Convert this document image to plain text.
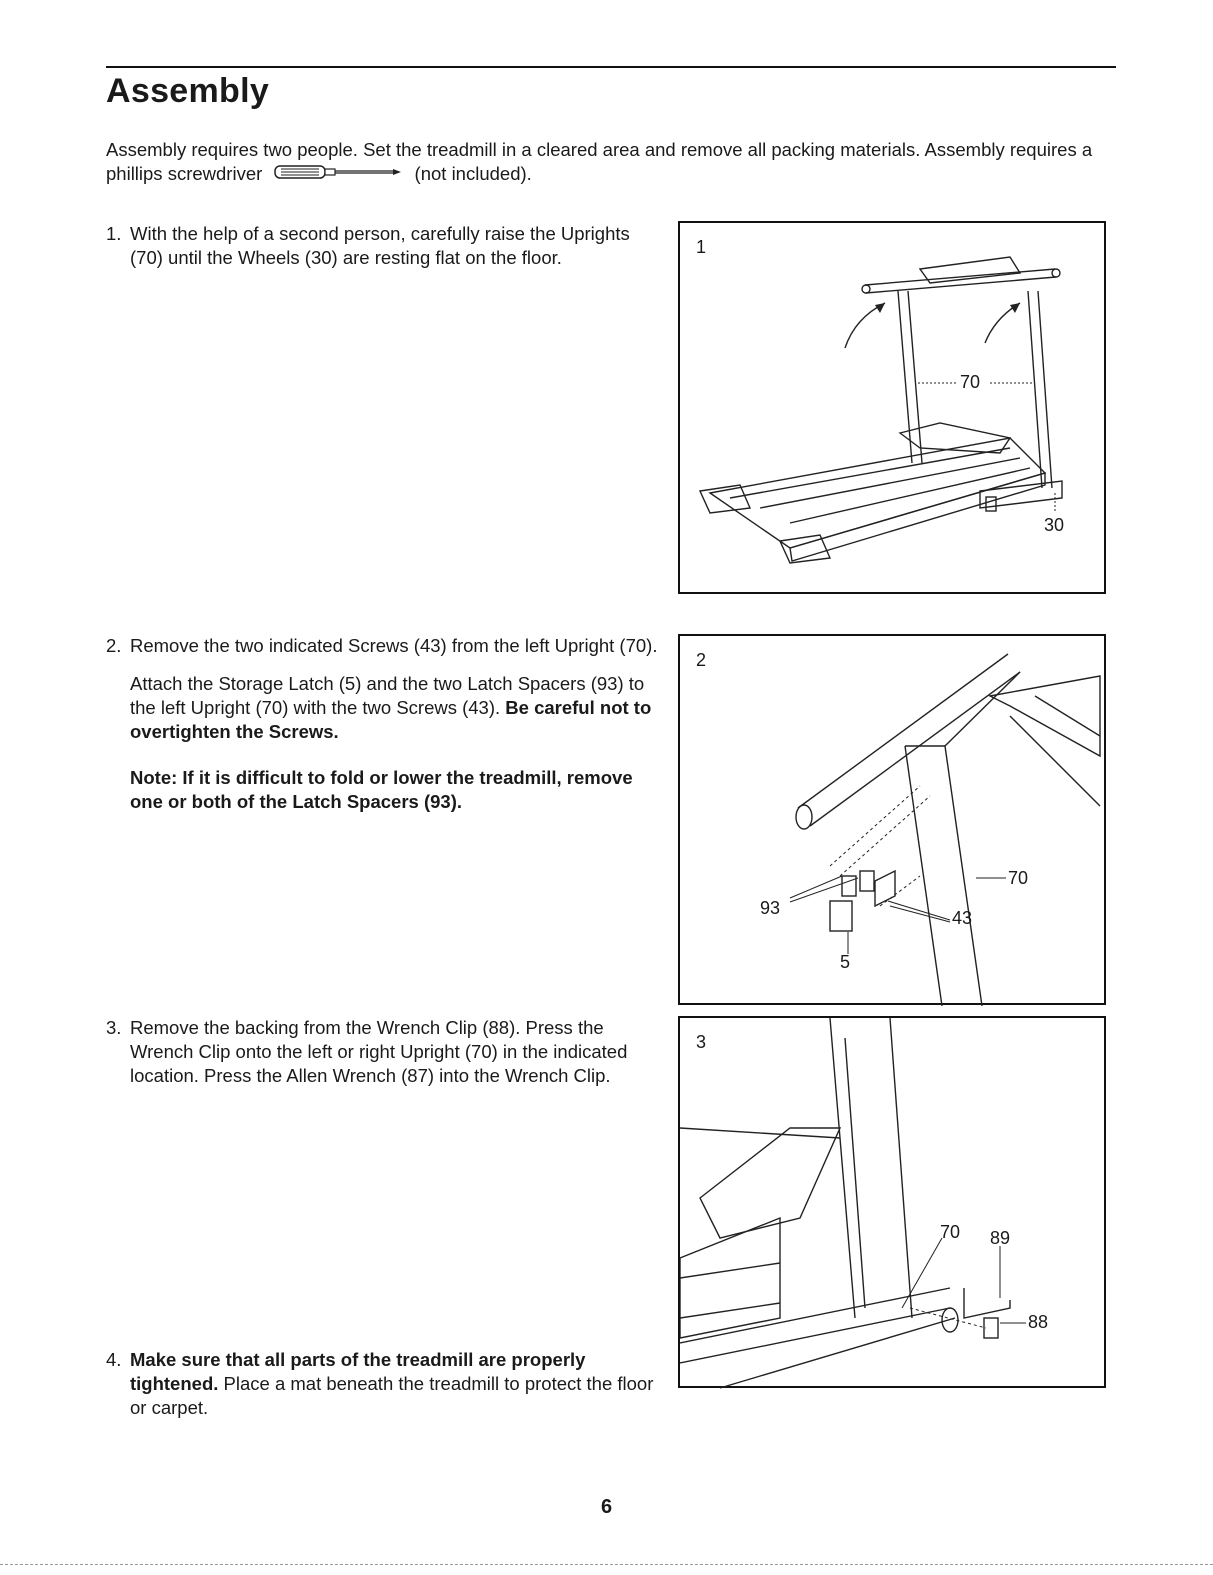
Assembly

Assembly requires two people. Set the treadmill in a cleared area and remove all packing materials. Assembly requires a phillips screwdriver	(not included).

1. With the help of a second person, carefully raise the Uprights (70) until the Wheels (30) are resting flat on the floor.

2. Remove the two indicated Screws (43) from the left Upright (70).

Attach the Storage Latch (5) and the two Latch Spacers (93) to the left Upright (70) with the two Screws (43). Be careful not to overtighten the Screws.

Note: If it is difficult to fold or lower the treadmill, remove one or both of the Latch Spacers (93).

3. Remove the backing from the Wrench Clip (88). Press the Wrench Clip onto the left or right Upright (70) in the indicated location. Press the Allen Wrench (87) into the Wrench Clip.

4. Make sure that all parts of the treadmill are properly tightened. Place a mat beneath the treadmill to protect the floor or carpet.

1
70
30
2
70
93	43
5
3
70 89
88
6
